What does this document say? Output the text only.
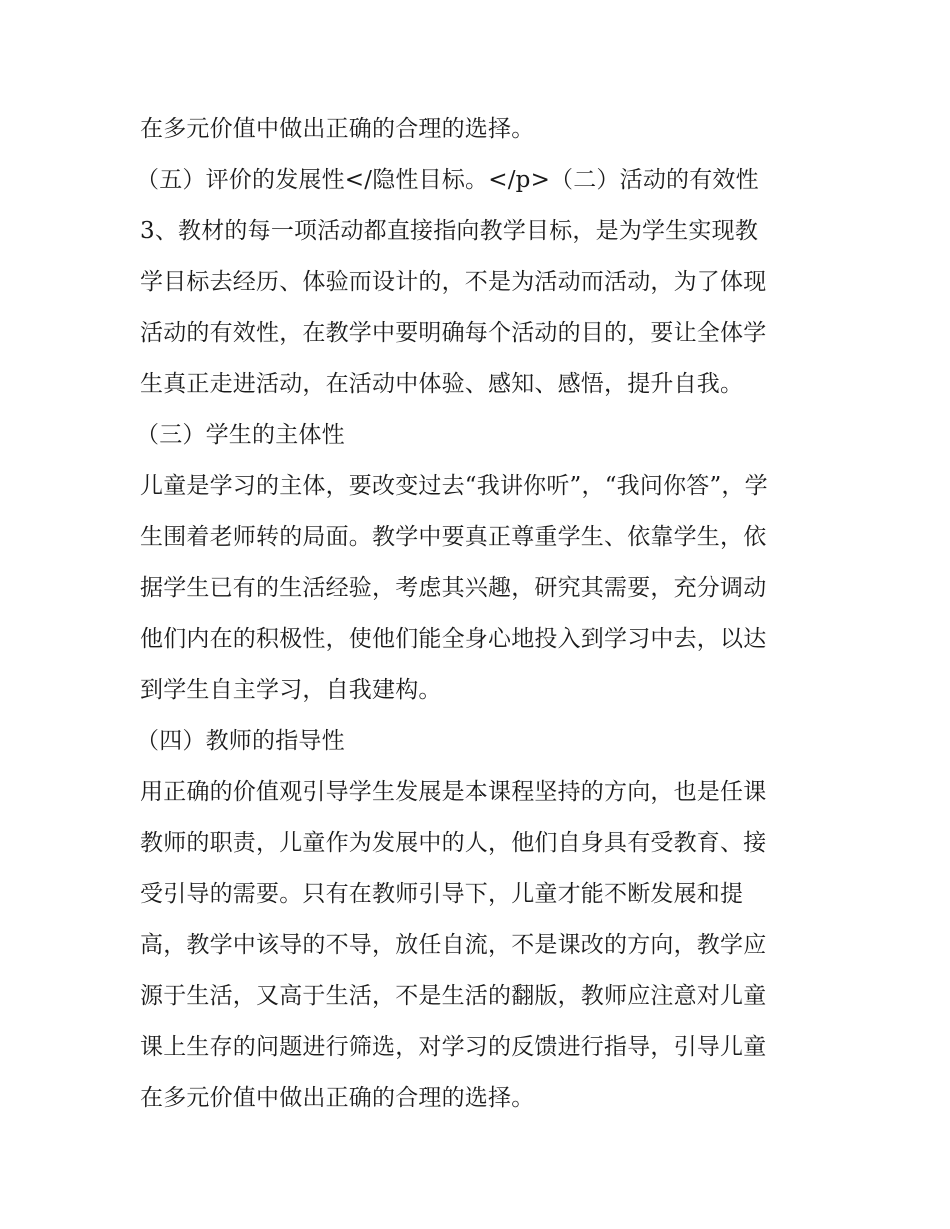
在多元价值中做出正确的合理的选择。
（五）评价的发展性</隐性目标。</p>（二）活动的有效性
3、教材的每一项活动都直接指向教学目标，是为学生实现教
学目标去经历、体验而设计的，不是为活动而活动，为了体现
活动的有效性，在教学中要明确每个活动的目的，要让全体学
生真正走进活动，在活动中体验、感知、感悟，提升自我。
（三）学生的主体性
儿童是学习的主体，要改变过去“我讲你听”，“我问你答”，学
生围着老师转的局面。教学中要真正尊重学生、依靠学生，依
据学生已有的生活经验，考虑其兴趣，研究其需要，充分调动
他们内在的积极性，使他们能全身心地投入到学习中去，以达
到学生自主学习，自我建构。
（四）教师的指导性
用正确的价值观引导学生发展是本课程坚持的方向，也是任课
教师的职责，儿童作为发展中的人，他们自身具有受教育、接
受引导的需要。只有在教师引导下，儿童才能不断发展和提
高，教学中该导的不导，放任自流，不是课改的方向，教学应
源于生活，又高于生活，不是生活的翻版，教师应注意对儿童
课上生存的问题进行筛选，对学习的反馈进行指导，引导儿童
在多元价值中做出正确的合理的选择。
